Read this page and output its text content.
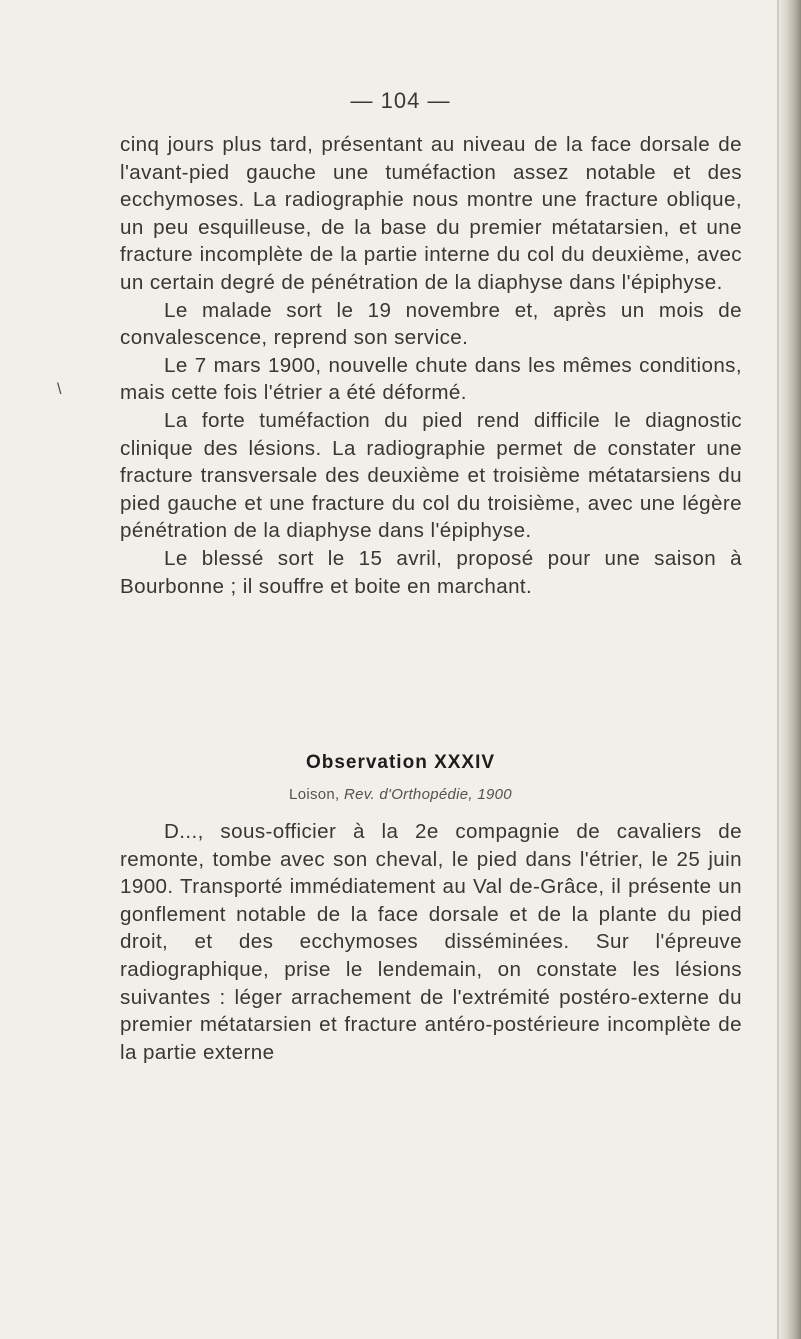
— 104 —
\

cinq jours plus tard, présentant au niveau de la face dorsale de l'avant-pied gauche une tuméfaction assez notable et des ecchymoses. La radiographie nous montre une fracture oblique, un peu esquilleuse, de la base du premier métatarsien, et une fracture incomplète de la partie interne du col du deuxième, avec un certain degré de pénétration de la diaphyse dans l'épiphyse.

Le malade sort le 19 novembre et, après un mois de convalescence, reprend son service.

Le 7 mars 1900, nouvelle chute dans les mêmes conditions, mais cette fois l'étrier a été déformé.

La forte tuméfaction du pied rend difficile le diagnostic clinique des lésions. La radiographie permet de constater une fracture transversale des deuxième et troisième métatarsiens du pied gauche et une fracture du col du troisième, avec une légère pénétration de la diaphyse dans l'épiphyse.

Le blessé sort le 15 avril, proposé pour une saison à Bourbonne ; il souffre et boite en marchant.

Observation XXXIV
Loison, Rev. d'Orthopédie, 1900

D..., sous-officier à la 2e compagnie de cavaliers de remonte, tombe avec son cheval, le pied dans l'étrier, le 25 juin 1900. Transporté immédiatement au Val de-Grâce, il présente un gonflement notable de la face dorsale et de la plante du pied droit, et des ecchymoses disséminées. Sur l'épreuve radiographique, prise le lendemain, on constate les lésions suivantes : léger arrachement de l'extrémité postéro-externe du premier métatarsien et fracture antéro-postérieure incomplète de la partie externe
